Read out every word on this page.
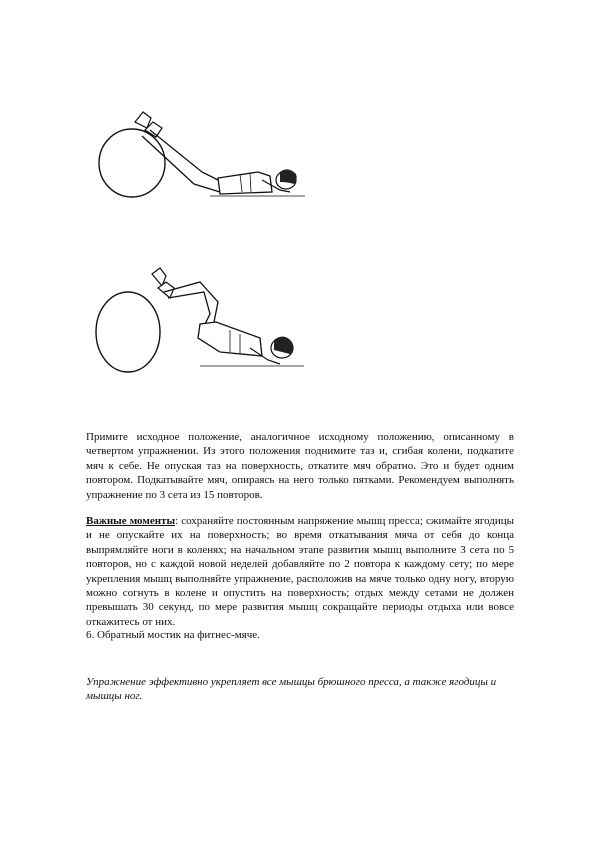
Примите исходное положение, аналогичное исходному положению, описанному в четвертом упражнении. Из этого положения поднимите таз и, сгибая колени, подкатите мяч к себе. Не опуская таз на поверхность, откатите мяч обратно. Это и будет одним повтором. Подкатывайте мяч, опираясь на него только пятками. Рекомендуем выполнять упражнение по 3 сета из 15 повторов.
Важные моменты: сохраняйте постоянным напряжение мышц пресса; сжимайте ягодицы и не опускайте их на поверхность; во время откатывания мяча от себя до конца выпрямляйте ноги в коленях; на начальном этапе развития мышц выполните 3 сета по 5 повторов, но с каждой новой неделей добавляйте по 2 повтора к каждому сету; по мере укрепления мышц выполняйте упражнение, расположив на мяче только одну ногу, вторую можно согнуть в колене и опустить на поверхность; отдых между сетами не должен превышать 30 секунд, по мере развития мышц сокращайте периоды отдыха или вовсе откажитесь от них.
6. Обратный мостик на фитнес-мяче.
Упражнение эффективно укрепляет все мышцы брюшного пресса, а также ягодицы и мышцы ног.
